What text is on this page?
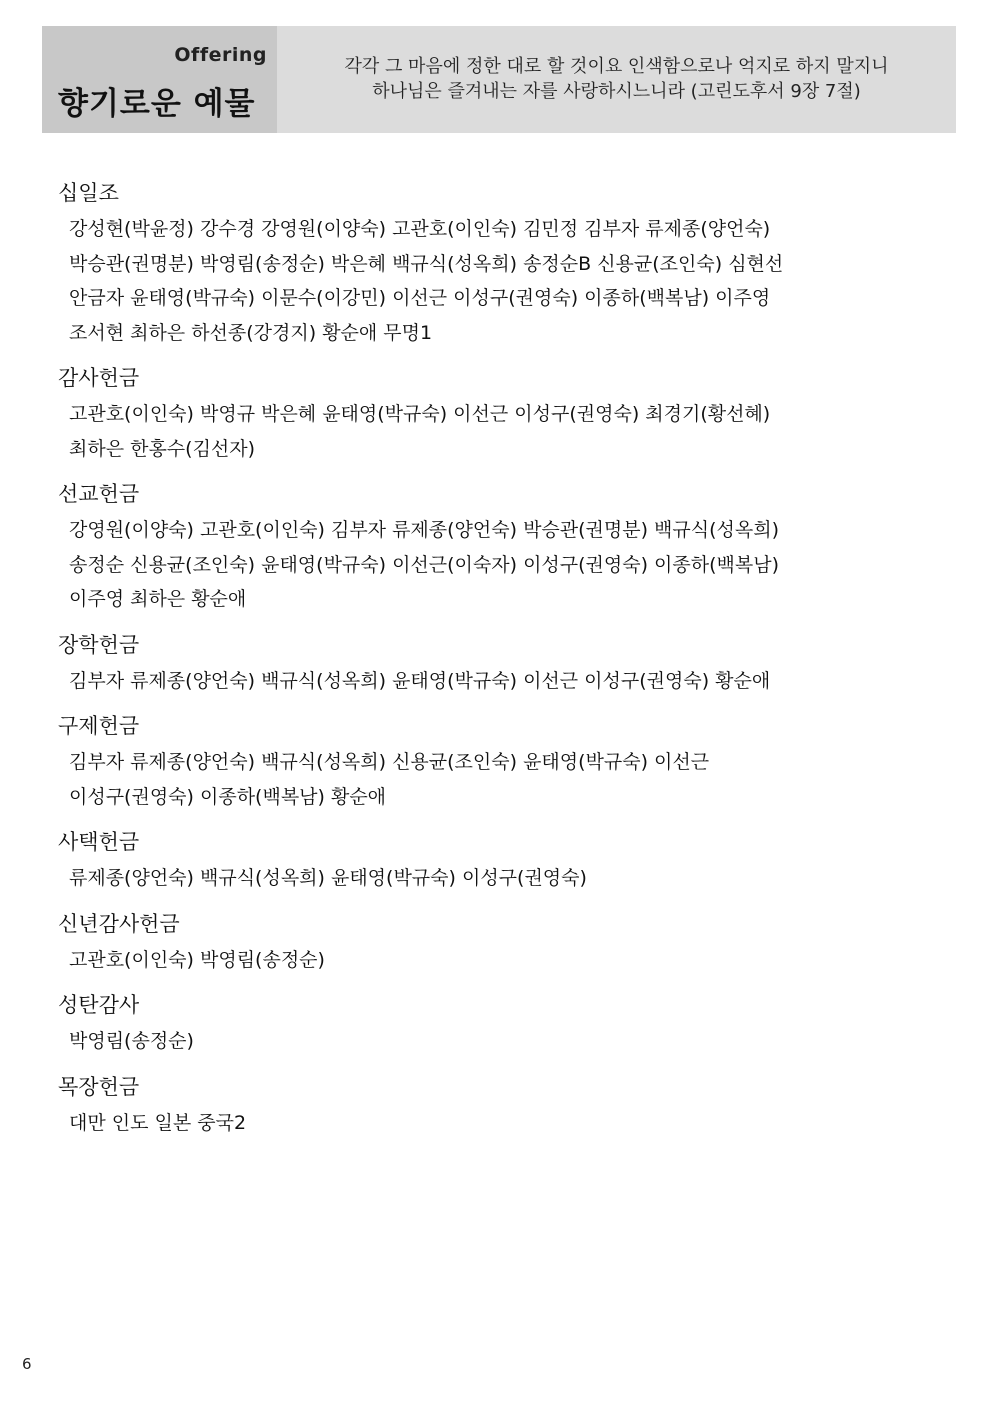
Offering
향기로운 예물
각각 그 마음에 정한 대로 할 것이요 인색함으로나 억지로 하지 말지니
하나님은 즐겨내는 자를 사랑하시느니라 (고린도후서 9장 7절)
십일조
강성현(박윤정) 강수경 강영원(이양숙) 고관호(이인숙) 김민정 김부자 류제종(양언숙)
박승관(권명분) 박영림(송정순) 박은혜 백규식(성옥희) 송정순B 신용균(조인숙) 심현선
안금자 윤태영(박규숙) 이문수(이강민) 이선근 이성구(권영숙) 이종하(백복남) 이주영
조서현 최하은 하선종(강경지) 황순애 무명1
감사헌금
고관호(이인숙) 박영규 박은혜 윤태영(박규숙) 이선근 이성구(권영숙) 최경기(황선혜)
최하은 한홍수(김선자)
선교헌금
강영원(이양숙) 고관호(이인숙) 김부자 류제종(양언숙) 박승관(권명분) 백규식(성옥희)
송정순 신용균(조인숙) 윤태영(박규숙) 이선근(이숙자) 이성구(권영숙) 이종하(백복남)
이주영 최하은 황순애
장학헌금
김부자 류제종(양언숙) 백규식(성옥희) 윤태영(박규숙) 이선근 이성구(권영숙) 황순애
구제헌금
김부자 류제종(양언숙) 백규식(성옥희) 신용균(조인숙) 윤태영(박규숙) 이선근
이성구(권영숙) 이종하(백복남) 황순애
사택헌금
류제종(양언숙) 백규식(성옥희) 윤태영(박규숙) 이성구(권영숙)
신년감사헌금
고관호(이인숙) 박영림(송정순)
성탄감사
박영림(송정순)
목장헌금
대만 인도 일본 중국2
6
